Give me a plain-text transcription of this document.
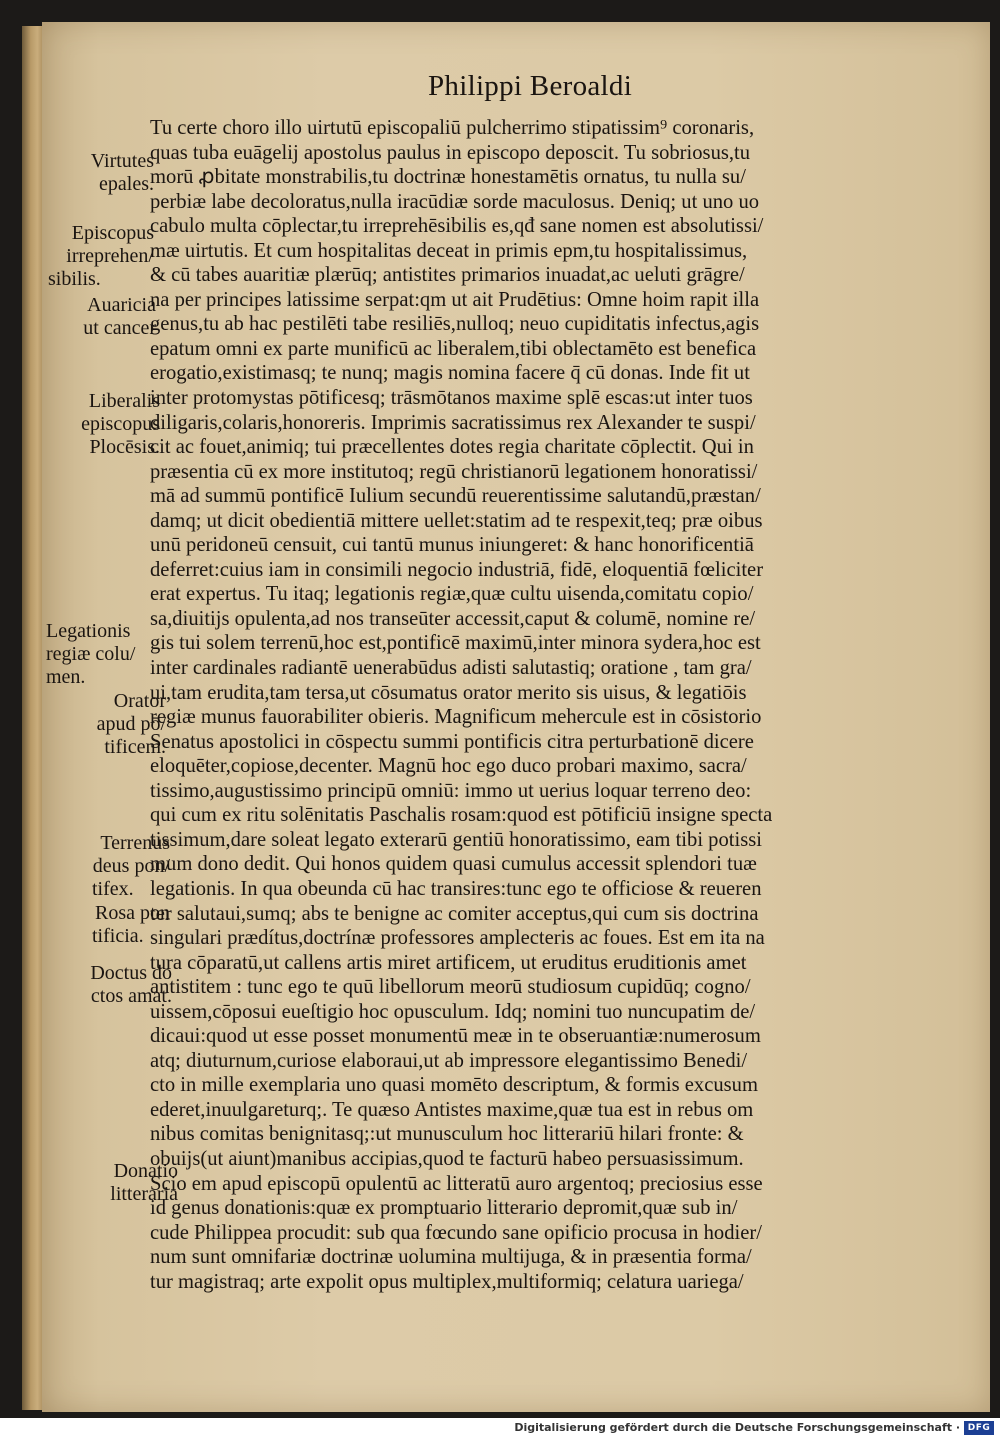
Philippi Beroaldi
Tu certe choro illo uirtutū episcopaliū pulcherrimo stipatissim⁹ coronaris,
quas tuba euāgelij apostolus paulus in episcopo deposcit. Tu sobriosus,tu
morū ꝓbitate monstrabilis,tu doctrinæ honestamētis ornatus, tu nulla su/
perbiæ labe decoloratus,nulla iracūdiæ sorde maculosus. Deniq; ut uno uo
cabulo multa cōplectar,tu irreprehēsibilis es,qđ sane nomen est absolutissi/
mæ uirtutis. Et cum hospitalitas deceat in primis epm,tu hospitalissimus,
& cū tabes auaritiæ plærūq; antistites primarios inuadat,ac ueluti grāgre/
na per principes latissime serpat:qm ut ait Prudētius: Omne hoim rapit illa
genus,tu ab hac pestilēti tabe resiliēs,nulloq; neuo cupiditatis infectus,agis
epatum omni ex parte munificū ac liberalem,tibi oblectamēto est benefica
erogatio,existimasq; te nunq; magis nomina facere q̄ cū donas. Inde fit ut
inter protomystas pōtificesq; trāsmōtanos maxime splē escas:ut inter tuos
diligaris,colaris,honoreris. Imprimis sacratissimus rex Alexander te suspi/
cit ac fouet,animiq; tui præcellentes dotes regia charitate cōplectit. Qui in
præsentia cū ex more institutoq; regū christianorū legationem honoratissi/
mā ad summū pontificē Iulium secundū reuerentissime salutandū,præstan/
damq; ut dicit obedientiā mittere uellet:statim ad te respexit,teq; præ oibus
unū peridoneū censuit, cui tantū munus iniungeret: & hanc honorificentiā
deferret:cuius iam in consimili negocio industriā, fidē, eloquentiā fœliciter
erat expertus. Tu itaq; legationis regiæ,quæ cultu uisenda,comitatu copio/
sa,diuitijs opulenta,ad nos transeūter accessit,caput & columē, nomine re/
gis tui solem terrenū,hoc est,pontificē maximū,inter minora sydera,hoc est
inter cardinales radiantē uenerabūdus adisti salutastiq; oratione , tam gra/
ui,tam erudita,tam tersa,ut cōsumatus orator merito sis uisus, & legatiōis
regiæ munus fauorabiliter obieris. Magnificum mehercule est in cōsistorio
Senatus apostolici in cōspectu summi pontificis citra perturbationē dicere
eloquēter,copiose,decenter. Magnū hoc ego duco probari maximo, sacra/
tissimo,augustissimo principū omniū: immo ut uerius loquar terreno deo:
qui cum ex ritu solēnitatis Paschalis rosam:quod est pōtificiū insigne specta
tissimum,dare soleat legato exterarū gentiū honoratissimo, eam tibi potissi
mum dono dedit. Qui honos quidem quasi cumulus accessit splendori tuæ
legationis. In qua obeunda cū hac transires:tunc ego te officiose & reueren
ter salutaui,sumq; abs te benigne ac comiter acceptus,qui cum sis doctrina
singulari prædítus,doctrínæ professores amplecteris ac foues. Est em ita na
tura cōparatū,ut callens artis miret artificem, ut eruditus eruditionis amet
antistitem : tunc ego te quū libellorum meorū studiosum cupidūq; cogno/
uissem,cōposui eueſtigio hoc opusculum. Idq; nomini tuo nuncupatim de/
dicaui:quod ut esse posset monumentū meæ in te obseruantiæ:numerosum
atq; diuturnum,curiose elaboraui,ut ab impressore elegantissimo Benedi/
cto in mille exemplaria uno quasi momēto descriptum, & formis excusum
ederet,inuulgareturq;. Te quæso Antistes maxime,quæ tua est in rebus om
nibus comitas benignitasq;:ut munusculum hoc litterariū hilari fronte: &
obuijs(ut aiunt)manibus accipias,quod te facturū habeo persuasissimum.
Scio em apud episcopū opulentū ac litteratū auro argentoq; preciosius esse
id genus donationis:quæ ex promptuario litterario depromit,quæ sub in/
cude Philippea procudit: sub qua fœcundo sane opificio procusa in hodier/
num sunt omnifariæ doctrinæ uolumina multijuga, & in præsentia forma/
tur magistraq; arte expolit opus multiplex,multiformiq; celatura uariega/
Virtutes
epales.
Episcopus
irreprehen/
sibilis.
Auaricia
ut cancer
Liberalis
episcopus
Plocēsis.
Legationis
regiæ colu/
men.
Orator
apud pō/
tificem.
Terrenus
deus pon/
tifex.
Rosa pon
tificia.
Doctus do
ctos amat.
Donatio
litteraria
Digitalisierung gefördert durch die Deutsche Forschungsgemeinschaft · DFG
